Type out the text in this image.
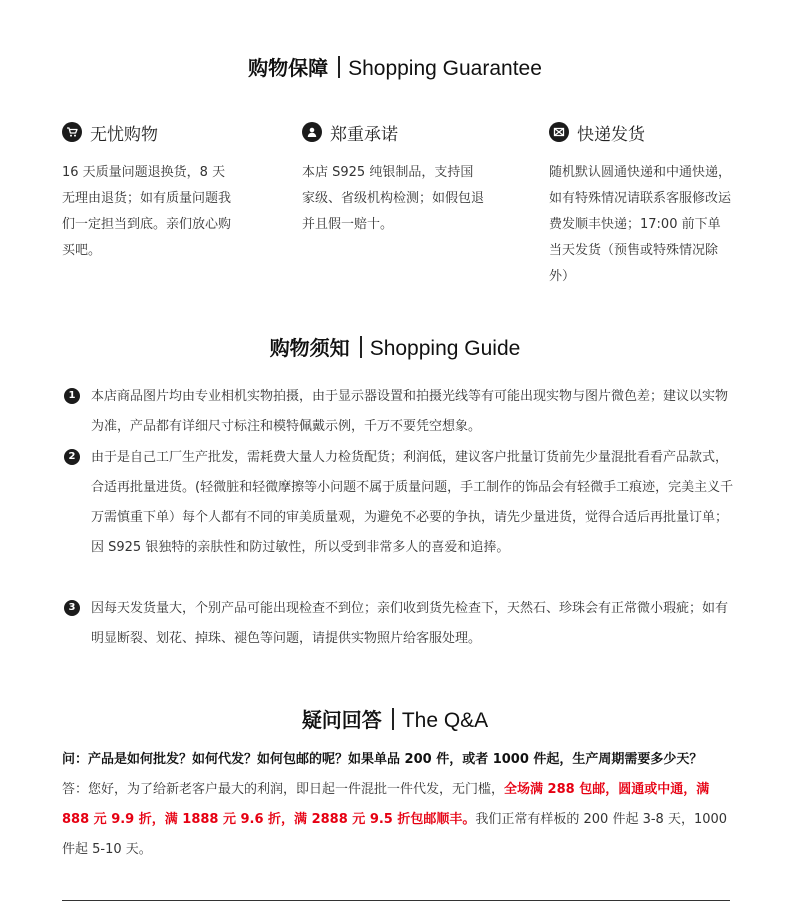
购物保障 Shopping Guarantee
无忧购物
16 天质量问题退换货，8 天无理由退货；如有质量问题我们一定担当到底。亲们放心购买吧。
郑重承诺
本店 S925 纯银制品，支持国家级、省级机构检测；如假包退并且假一赔十。
快递发货
随机默认圆通快递和中通快递，如有特殊情况请联系客服修改运费发顺丰快递；17:00 前下单当天发货（预售或特殊情况除外）
购物须知 Shopping Guide
1	本店商品图片均由专业相机实物拍摄，由于显示器设置和拍摄光线等有可能出现实物与图片微色差；建议以实物为准，产品都有详细尺寸标注和模特佩戴示例，千万不要凭空想象。
2	由于是自己工厂生产批发，需耗费大量人力检货配货；利润低，建议客户批量订货前先少量混批看看产品款式，合适再批量进货。(轻微脏和轻微摩擦等小问题不属于质量问题，手工制作的饰品会有轻微手工痕迹，完美主义千万需慎重下单）每个人都有不同的审美质量观，为避免不必要的争执，请先少量进货，觉得合适后再批量订单；因 S925 银独特的亲肤性和防过敏性，所以受到非常多人的喜爱和追捧。
3	因每天发货量大，个别产品可能出现检查不到位；亲们收到货先检查下，天然石、珍珠会有正常微小瑕疵；如有明显断裂、划花、掉珠、褪色等问题，请提供实物照片给客服处理。
疑问回答 The Q&A
问：产品是如何批发？如何代发？如何包邮的呢？如果单品 200 件，或者 1000 件起，生产周期需要多少天？
答：您好，为了给新老客户最大的利润，即日起一件混批一件代发，无门槛，全场满 288 包邮，圆通或中通，满 888 元 9.9 折，满 1888 元 9.6 折，满 2888 元 9.5 折包邮顺丰。我们正常有样板的 200 件起 3-8 天，1000 件起 5-10 天。
